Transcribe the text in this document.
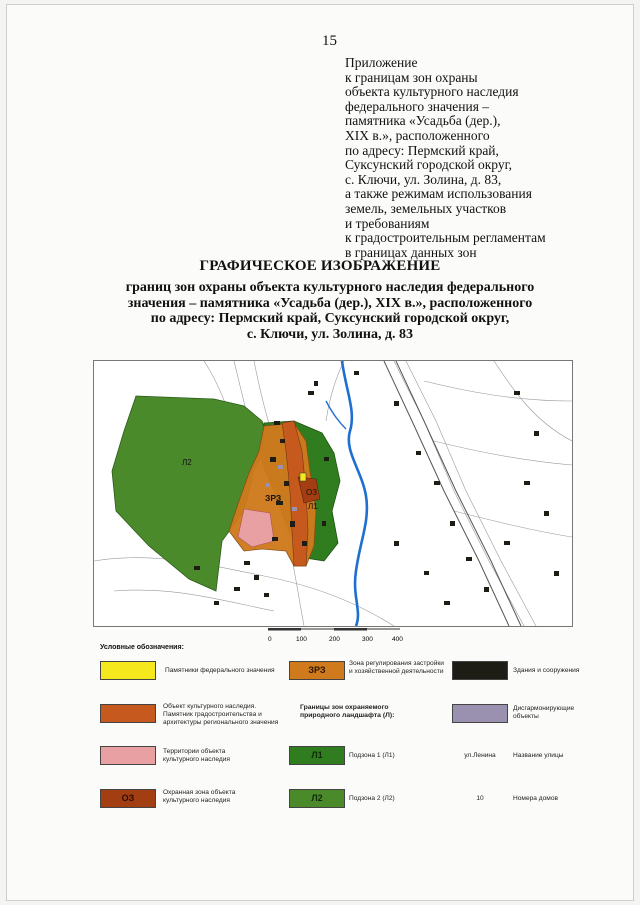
15
Приложение
к границам зон охраны
объекта культурного наследия
федерального значения –
памятника «Усадьба (дер.),
XIX в.», расположенного
по адресу: Пермский край,
Суксунский городской округ,
с. Ключи, ул. Золина, д. 83,
а также режимам использования
земель, земельных участков
и требованиям
к градостроительным регламентам
в границах данных зон
ГРАФИЧЕСКОЕ ИЗОБРАЖЕНИЕ
границ зон охраны объекта культурного наследия федерального
значения – памятника «Усадьба (дер.), XIX в.», расположенного
по адресу: Пермский край, Суксунский городской округ,
с. Ключи, ул. Золина, д. 83
Л2
ЗРЗ
ОЗ
Л1
0	100	200	300	400
Условные обозначения:
Памятники федерального значения
Объект культурного наследия. Памятник градостроительства и архитектуры регионального значения
Территории объекта культурного наследия
ОЗ
Охранная зона объекта культурного наследия
ЗРЗ
Зона регулирования застройки и хозяйственной деятельности
Границы зон охраняемого природного ландшафта (Л):
Л1	Подзона 1 (Л1)
Л2	Подзона 2 (Л2)
Здания и сооружения
Дисгармонирующие объекты
ул.Ленина	Название улицы
10	Номера домов
